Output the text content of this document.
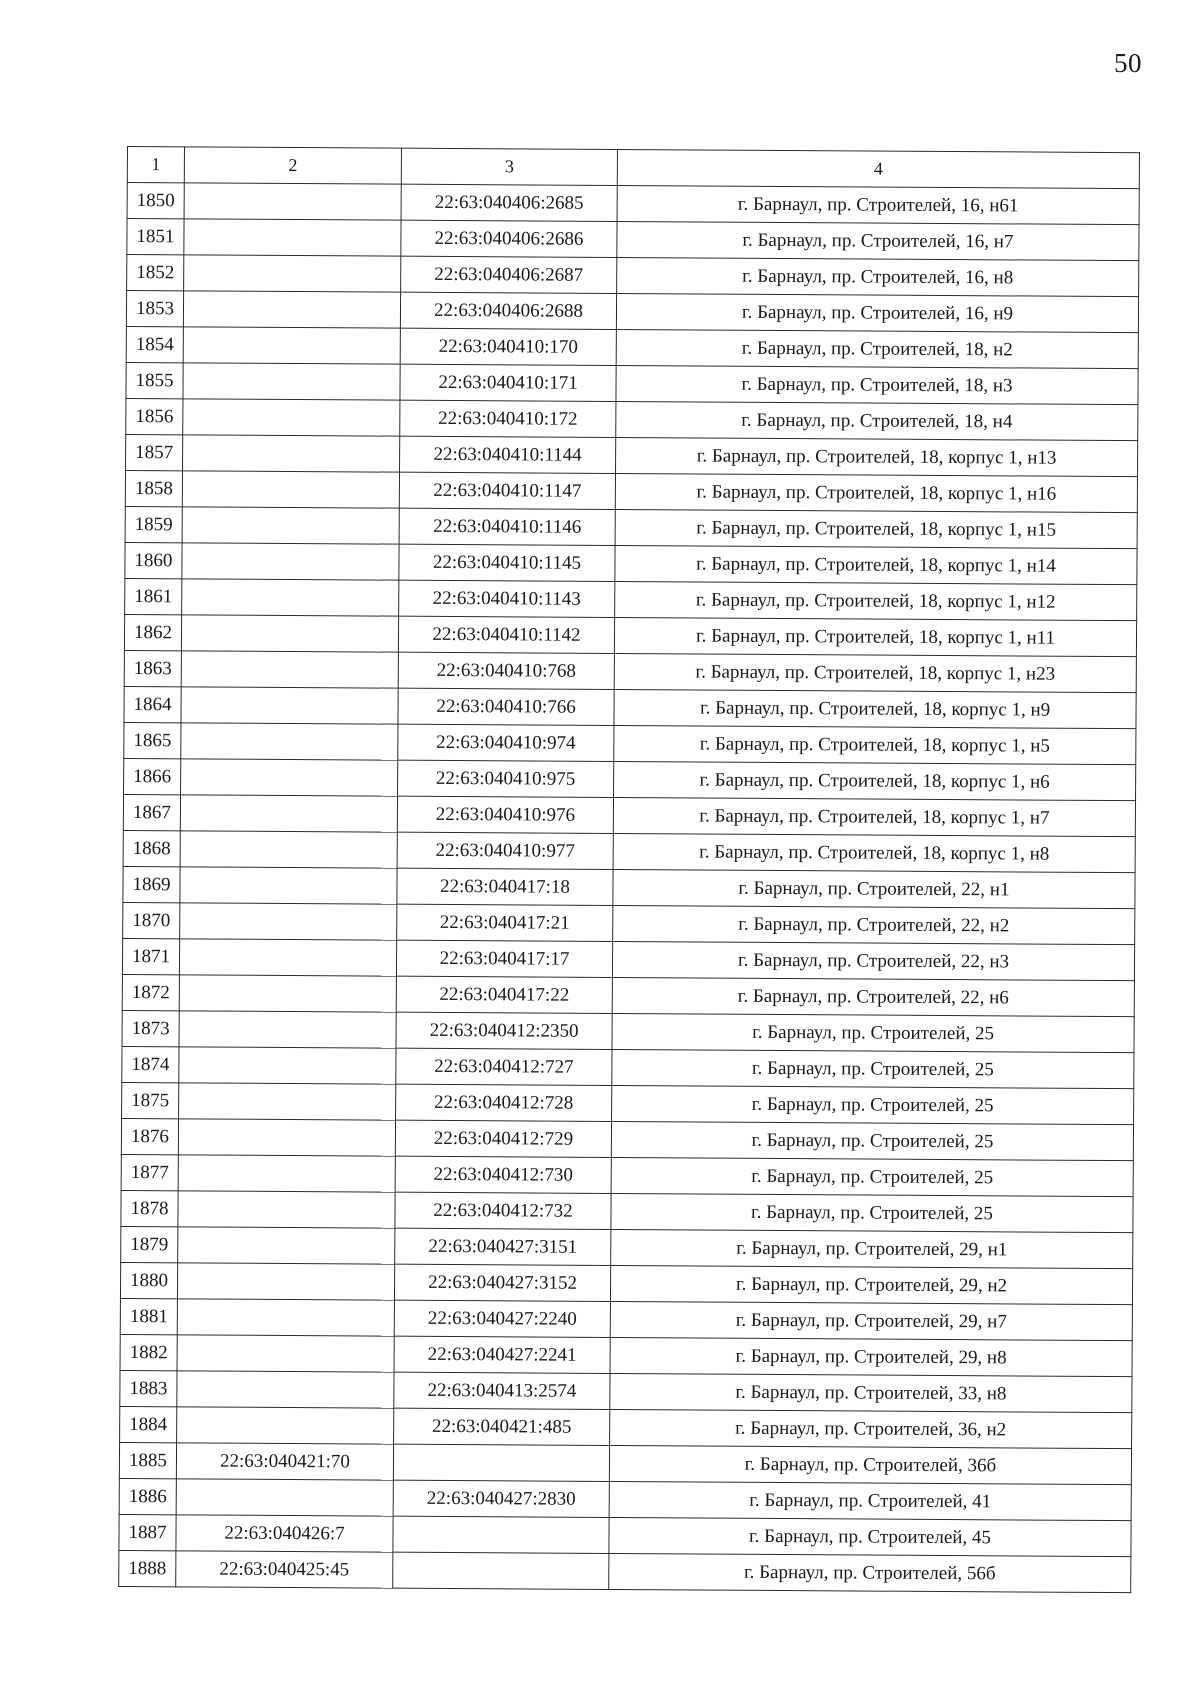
50
1	2	3	4
1850		22:63:040406:2685	г. Барнаул, пр. Строителей, 16, н61
1851		22:63:040406:2686	г. Барнаул, пр. Строителей, 16, н7
1852		22:63:040406:2687	г. Барнаул, пр. Строителей, 16, н8
1853		22:63:040406:2688	г. Барнаул, пр. Строителей, 16, н9
1854		22:63:040410:170	г. Барнаул, пр. Строителей, 18, н2
1855		22:63:040410:171	г. Барнаул, пр. Строителей, 18, н3
1856		22:63:040410:172	г. Барнаул, пр. Строителей, 18, н4
1857		22:63:040410:1144	г. Барнаул, пр. Строителей, 18, корпус 1, н13
1858		22:63:040410:1147	г. Барнаул, пр. Строителей, 18, корпус 1, н16
1859		22:63:040410:1146	г. Барнаул, пр. Строителей, 18, корпус 1, н15
1860		22:63:040410:1145	г. Барнаул, пр. Строителей, 18, корпус 1, н14
1861		22:63:040410:1143	г. Барнаул, пр. Строителей, 18, корпус 1, н12
1862		22:63:040410:1142	г. Барнаул, пр. Строителей, 18, корпус 1, н11
1863		22:63:040410:768	г. Барнаул, пр. Строителей, 18, корпус 1, н23
1864		22:63:040410:766	г. Барнаул, пр. Строителей, 18, корпус 1, н9
1865		22:63:040410:974	г. Барнаул, пр. Строителей, 18, корпус 1, н5
1866		22:63:040410:975	г. Барнаул, пр. Строителей, 18, корпус 1, н6
1867		22:63:040410:976	г. Барнаул, пр. Строителей, 18, корпус 1, н7
1868		22:63:040410:977	г. Барнаул, пр. Строителей, 18, корпус 1, н8
1869		22:63:040417:18	г. Барнаул, пр. Строителей, 22, н1
1870		22:63:040417:21	г. Барнаул, пр. Строителей, 22, н2
1871		22:63:040417:17	г. Барнаул, пр. Строителей, 22, н3
1872		22:63:040417:22	г. Барнаул, пр. Строителей, 22, н6
1873		22:63:040412:2350	г. Барнаул, пр. Строителей, 25
1874		22:63:040412:727	г. Барнаул, пр. Строителей, 25
1875		22:63:040412:728	г. Барнаул, пр. Строителей, 25
1876		22:63:040412:729	г. Барнаул, пр. Строителей, 25
1877		22:63:040412:730	г. Барнаул, пр. Строителей, 25
1878		22:63:040412:732	г. Барнаул, пр. Строителей, 25
1879		22:63:040427:3151	г. Барнаул, пр. Строителей, 29, н1
1880		22:63:040427:3152	г. Барнаул, пр. Строителей, 29, н2
1881		22:63:040427:2240	г. Барнаул, пр. Строителей, 29, н7
1882		22:63:040427:2241	г. Барнаул, пр. Строителей, 29, н8
1883		22:63:040413:2574	г. Барнаул, пр. Строителей, 33, н8
1884		22:63:040421:485	г. Барнаул, пр. Строителей, 36, н2
1885	22:63:040421:70		г. Барнаул, пр. Строителей, 36б
1886		22:63:040427:2830	г. Барнаул, пр. Строителей, 41
1887	22:63:040426:7		г. Барнаул, пр. Строителей, 45
1888	22:63:040425:45		г. Барнаул, пр. Строителей, 56б
